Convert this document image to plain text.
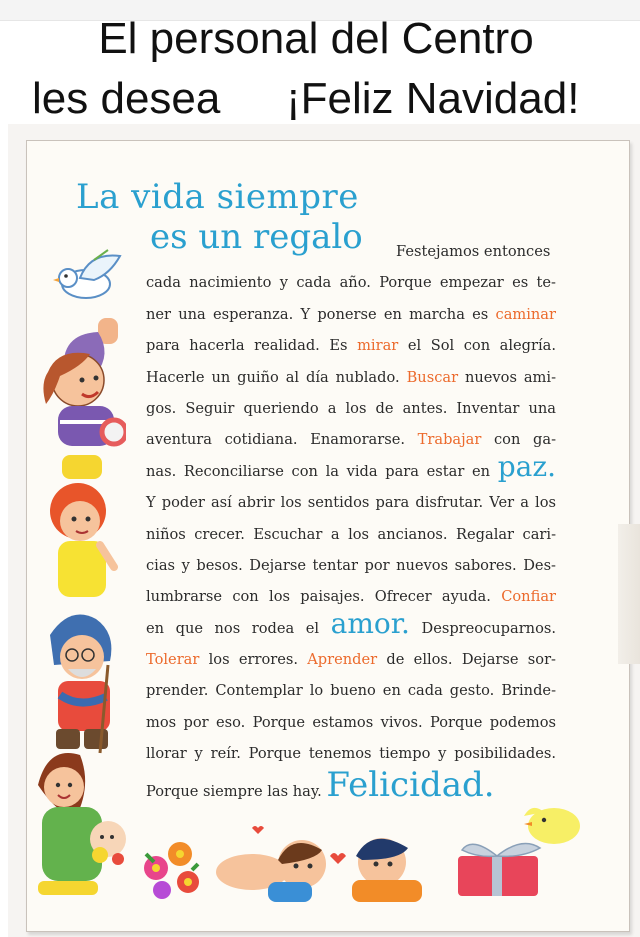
El personal del Centro
les desea ¡Feliz Navidad!
La vida siempre
es un regalo	Festejamos entonces
cada nacimiento y cada año. Porque empezar es te-
ner una esperanza. Y ponerse en marcha es caminar
para hacerla realidad. Es mirar el Sol con alegría.
Hacerle un guiño al día nublado. Buscar nuevos ami-
gos. Seguir queriendo a los de antes. Inventar una
aventura cotidiana. Enamorarse. Trabajar con ga-
nas. Reconciliarse con la vida para estar en paz.
Y poder así abrir los sentidos para disfrutar. Ver a los
niños crecer. Escuchar a los ancianos. Regalar cari-
cias y besos. Dejarse tentar por nuevos sabores. Des-
lumbrarse con los paisajes. Ofrecer ayuda. Confiar
en que nos rodea el amor. Despreocuparnos.
Tolerar los errores. Aprender de ellos. Dejarse sor-
prender. Contemplar lo bueno en cada gesto. Brinde-
mos por eso. Porque estamos vivos. Porque podemos
llorar y reír. Porque tenemos tiempo y posibilidades.
Porque siempre las hay. Felicidad.
